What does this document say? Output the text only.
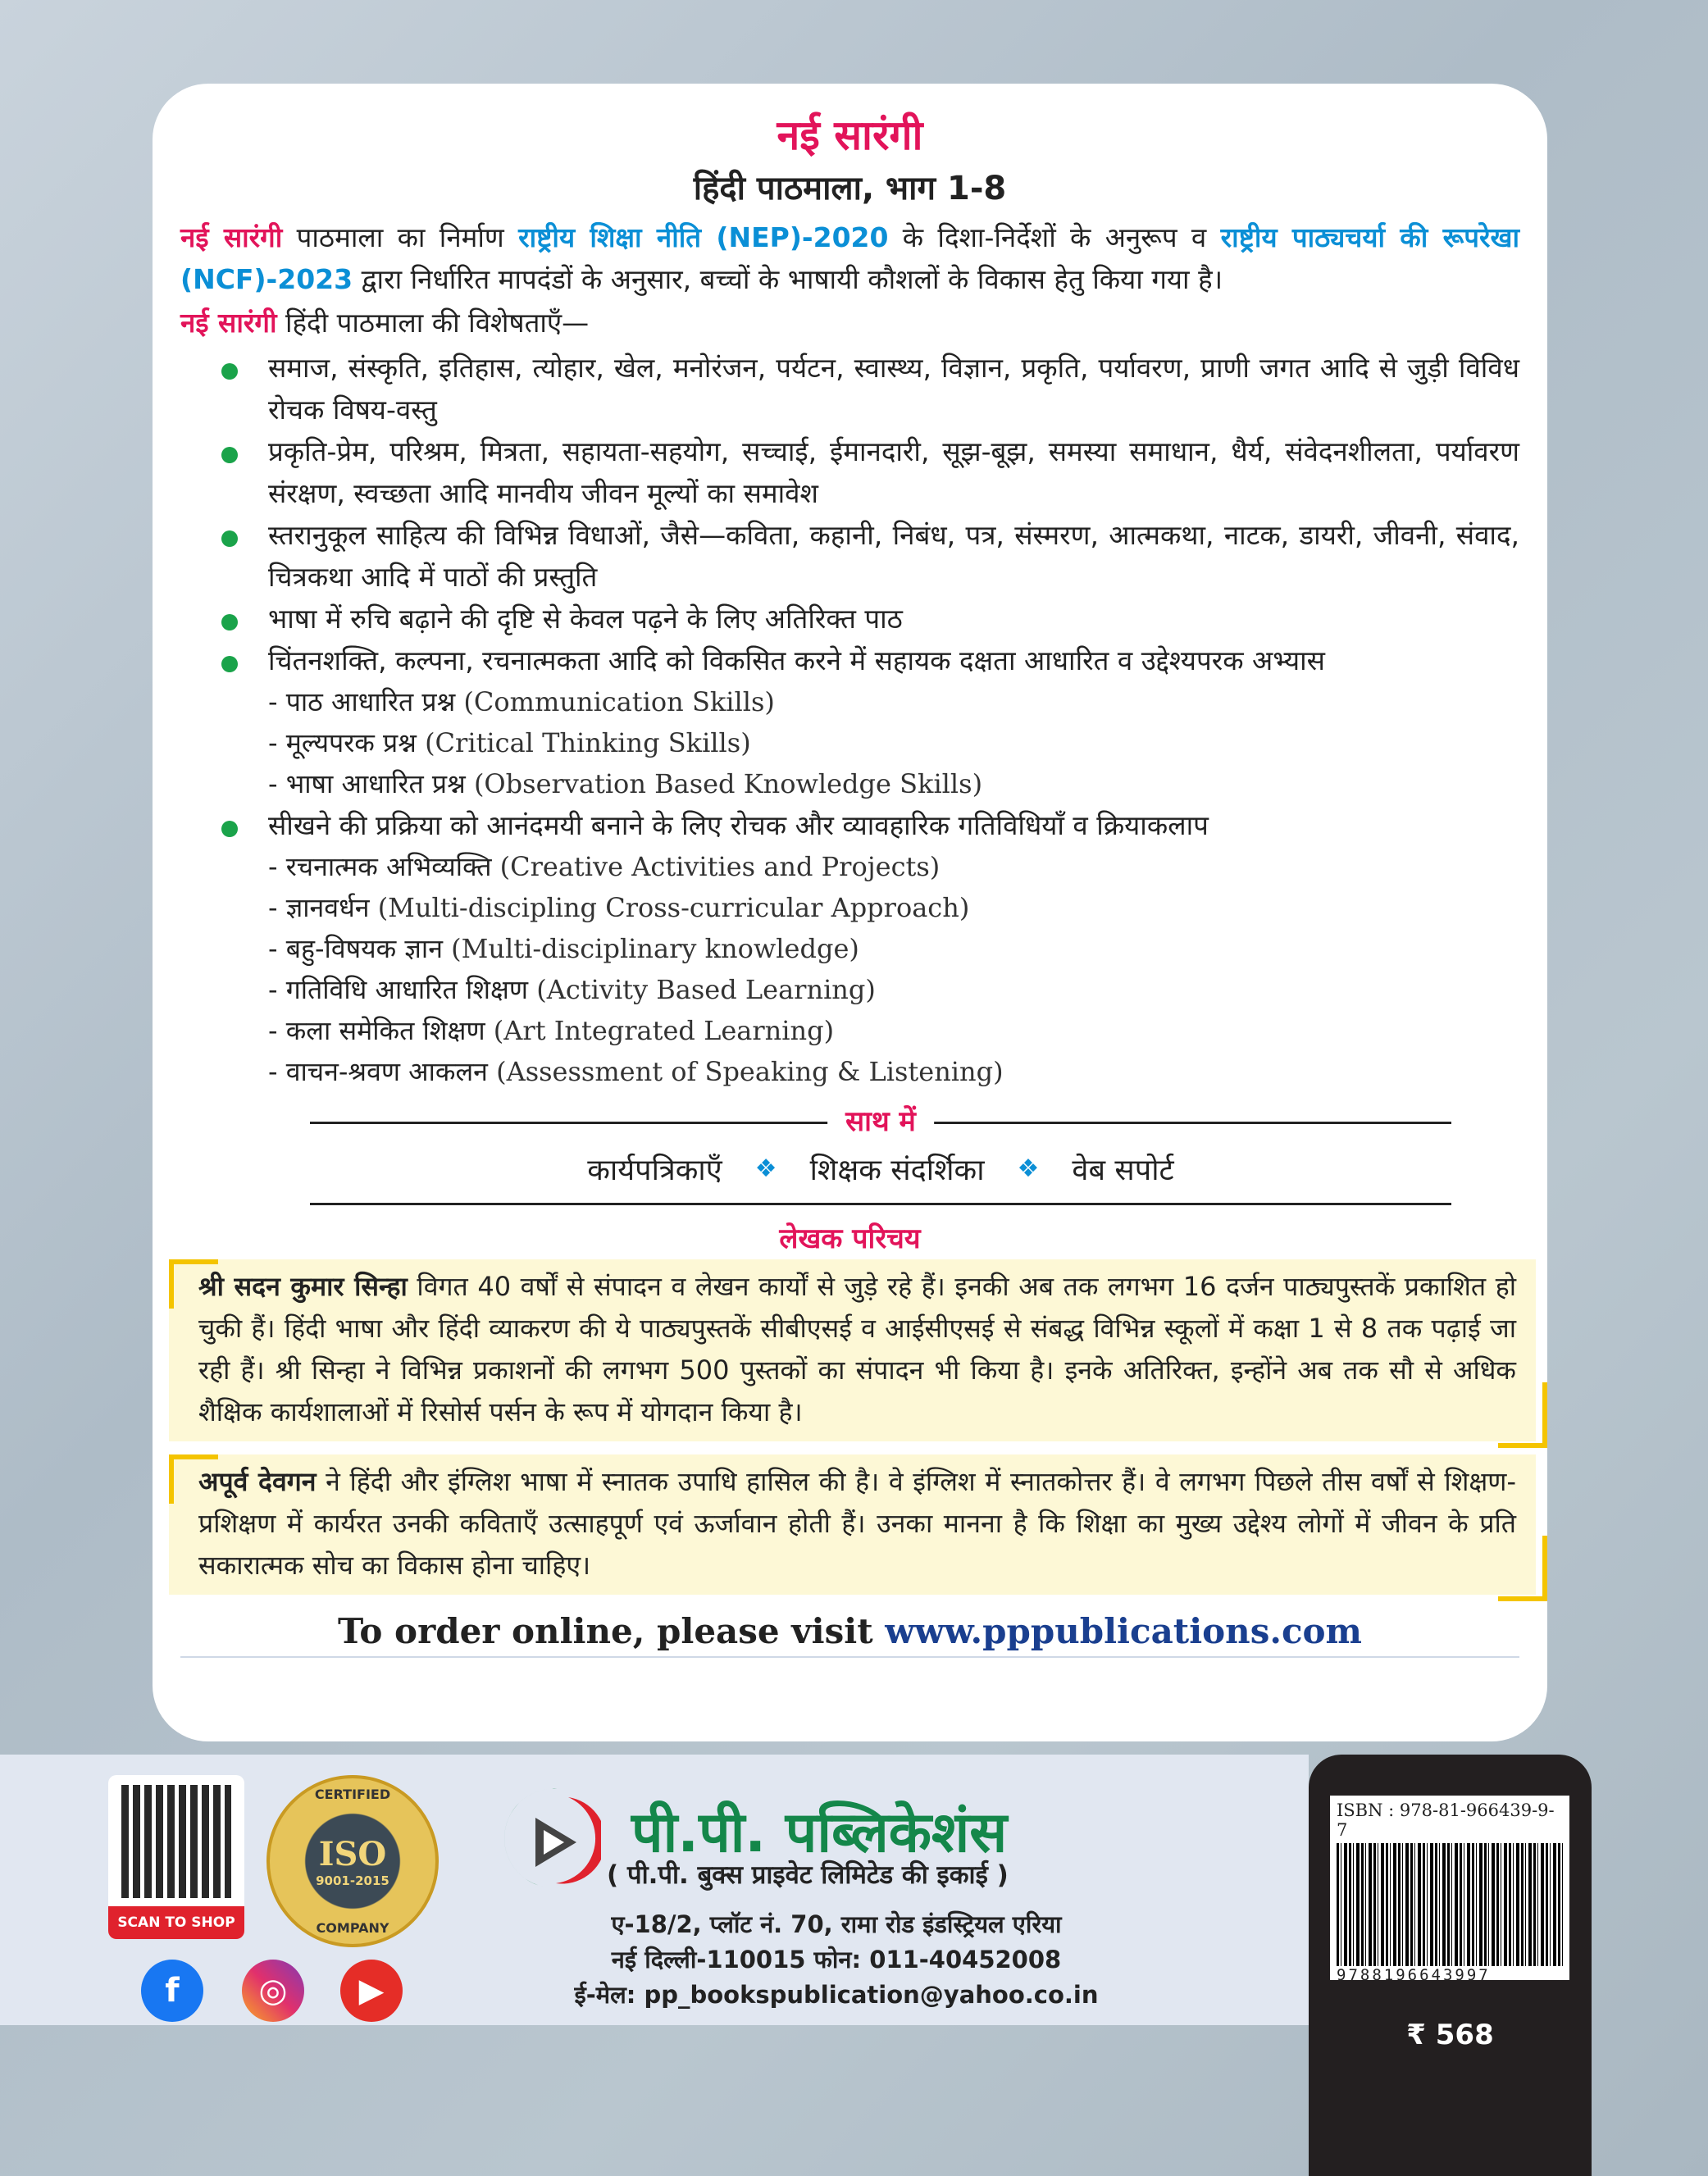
नई सारंगी
हिंदी पाठमाला, भाग 1-8

नई सारंगी पाठमाला का निर्माण राष्ट्रीय शिक्षा नीति (NEP)-2020 के दिशा-निर्देशों के अनुरूप व राष्ट्रीय पाठ्यचर्या की रूपरेखा (NCF)-2023 द्वारा निर्धारित मापदंडों के अनुसार, बच्चों के भाषायी कौशलों के विकास हेतु किया गया है।

नई सारंगी हिंदी पाठमाला की विशेषताएँ—

समाज, संस्कृति, इतिहास, त्योहार, खेल, मनोरंजन, पर्यटन, स्वास्थ्य, विज्ञान, प्रकृति, पर्यावरण, प्राणी जगत आदि से जुड़ी विविध रोचक विषय-वस्तु
प्रकृति-प्रेम, परिश्रम, मित्रता, सहायता-सहयोग, सच्चाई, ईमानदारी, सूझ-बूझ, समस्या समाधान, धैर्य, संवेदनशीलता, पर्यावरण संरक्षण, स्वच्छता आदि मानवीय जीवन मूल्यों का समावेश
स्तरानुकूल साहित्य की विभिन्न विधाओं, जैसे—कविता, कहानी, निबंध, पत्र, संस्मरण, आत्मकथा, नाटक, डायरी, जीवनी, संवाद, चित्रकथा आदि में पाठों की प्रस्तुति
भाषा में रुचि बढ़ाने की दृष्टि से केवल पढ़ने के लिए अतिरिक्त पाठ
चिंतनशक्ति, कल्पना, रचनात्मकता आदि को विकसित करने में सहायक दक्षता आधारित व उद्देश्यपरक अभ्यास
- पाठ आधारित प्रश्न (Communication Skills)
- मूल्यपरक प्रश्न (Critical Thinking Skills)
- भाषा आधारित प्रश्न (Observation Based Knowledge Skills)
सीखने की प्रक्रिया को आनंदमयी बनाने के लिए रोचक और व्यावहारिक गतिविधियाँ व क्रियाकलाप
- रचनात्मक अभिव्यक्ति (Creative Activities and Projects)
- ज्ञानवर्धन (Multi-discipling Cross-curricular Approach)
- बहु-विषयक ज्ञान (Multi-disciplinary knowledge)
- गतिविधि आधारित शिक्षण (Activity Based Learning)
- कला समेकित शिक्षण (Art Integrated Learning)
- वाचन-श्रवण आकलन (Assessment of Speaking & Listening)
साथ में
कार्यपत्रिकाएँ ❖ शिक्षक संदर्शिका ❖ वेब सपोर्ट
लेखक परिचय
श्री सदन कुमार सिन्हा विगत 40 वर्षों से संपादन व लेखन कार्यों से जुड़े रहे हैं। इनकी अब तक लगभग 16 दर्जन पाठ्यपुस्तकें प्रकाशित हो चुकी हैं। हिंदी भाषा और हिंदी व्याकरण की ये पाठ्यपुस्तकें सीबीएसई व आईसीएसई से संबद्ध विभिन्न स्कूलों में कक्षा 1 से 8 तक पढ़ाई जा रही हैं। श्री सिन्हा ने विभिन्न प्रकाशनों की लगभग 500 पुस्तकों का संपादन भी किया है। इनके अतिरिक्त, इन्होंने अब तक सौ से अधिक शैक्षिक कार्यशालाओं में रिसोर्स पर्सन के रूप में योगदान किया है।
अपूर्व देवगन ने हिंदी और इंग्लिश भाषा में स्नातक उपाधि हासिल की है। वे इंग्लिश में स्नातकोत्तर हैं। वे लगभग पिछले तीस वर्षों से शिक्षण-प्रशिक्षण में कार्यरत उनकी कविताएँ उत्साहपूर्ण एवं ऊर्जावान होती हैं। उनका मानना है कि शिक्षा का मुख्य उद्देश्य लोगों में जीवन के प्रति सकारात्मक सोच का विकास होना चाहिए।
To order online, please visit www.pppublications.com
SCAN TO SHOP
CERTIFIED
ISO
9001-2015
COMPANY
f	◎	▶
पी.पी. पब्लिकेशंस
( पी.पी. बुक्स प्राइवेट लिमिटेड की इकाई )
ए-18/2, प्लॉट नं. 70, रामा रोड इंडस्ट्रियल एरिया
नई दिल्ली-110015 फोन: 011-40452008
ई-मेल: pp_bookspublication@yahoo.co.in
ISBN : 978-81-966439-9-7
9788196643997
₹ 568
